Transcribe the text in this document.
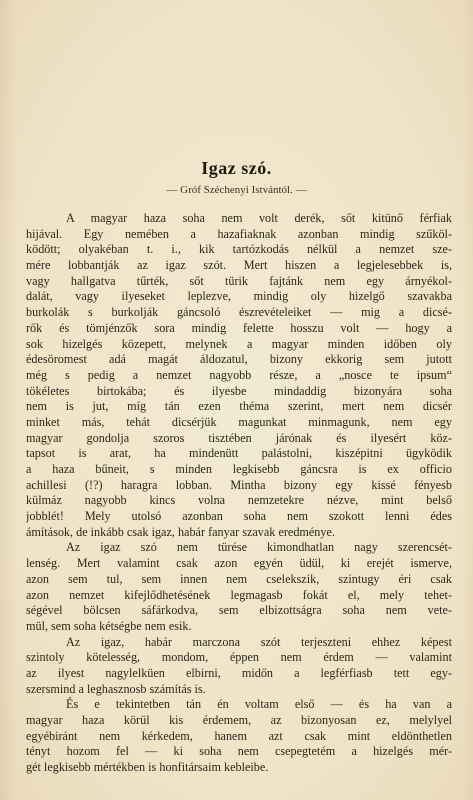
Igaz szó.
— Gróf Széchenyi Istvántól. —
A magyar haza soha nem volt derék, sőt kitünő férfiak
hijával. Egy nemében a hazafiaknak azonban mindig szűköl-
ködött; olyakéban t. i., kik tartózkodás nélkül a nemzet sze-
mére lobbantják az igaz szót. Mert hiszen a legjelesebbek is,
vagy hallgatva tűrték, sőt türik fajtánk nem egy árnyékol-
dalát, vagy ilyeseket leplezve, mindig oly hizelgő szavakba
burkolák s burkolják gáncsoló észrevételeiket — mig a dicsé-
rők és tömjénzők sora mindig felette hosszu volt — hogy a
sok hizelgés közepett, melynek a magyar minden időben oly
édesöromest adá magát áldozatul, bizony ekkorig sem jutott
még s pedig a nemzet nagyobb része, a „nosce te ipsum“
tökéletes birtokába; és ilyesbe mindaddig bizonyára soha
nem is jut, míg tán ezen théma szerint, mert nem dicsér
minket más, tehát dicsérjük magunkat minmagunk, nem egy
magyar gondolja szoros tisztében járónak és ilyesért köz-
tapsot is arat, ha mindenütt palástolni, kiszépitni ügyködik
a haza bűneit, s minden legkisebb gáncsra is ex officio
achillesi (!?) haragra lobban. Mintha bizony egy kissé fényesb
külmáz nagyobb kincs volna nemzetekre nézve, mint belső
jobblét! Mely utolsó azonban soha nem szokott lenni édes
ámítások, de inkább csak igaz, habár fanyar szavak eredménye.
Az igaz szó nem türése kimondhatlan nagy szerencsét-
lenség. Mert valamint csak azon egyén üdül, ki erejét ismerve,
azon sem tul, sem innen nem cselekszik, szintugy éri csak
azon nemzet kifejlődhetésének legmagasb fokát el, mely tehet-
ségével bölcsen sáfárkodva, sem elbizottságra soha nem vete-
mül, sem soha kétségbe nem esik.
Az igaz, habár marczona szót terjeszteni ehhez képest
szintoly kötelesség, mondom, éppen nem érdem — valamint
az ilyest nagylelküen elbirni, midőn a legférfiasb tett egy-
szersmind a leghasznosb számítás is.
És e tekintetben tán én voltam első — és ha van a
magyar haza körül kis érdemem, az bizonyosan ez, melylyel
egyébiránt nem kérkedem, hanem azt csak mint eldönthetlen
tényt hozom fel — ki soha nem csepegtetém a hizelgés mér-
gét legkisebb mértékben is honfitársaim kebleibe.
